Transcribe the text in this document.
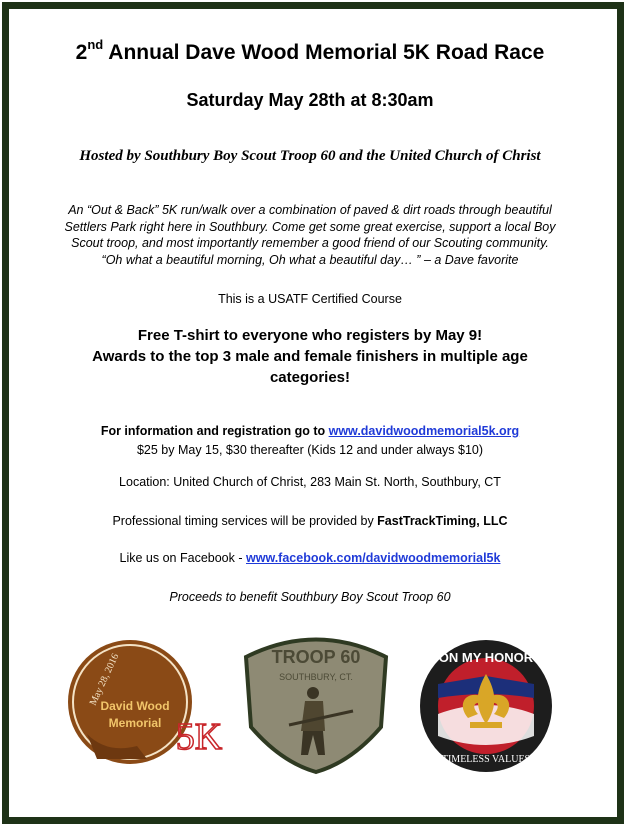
2nd Annual Dave Wood Memorial 5K Road Race
Saturday May 28th at 8:30am
Hosted by Southbury Boy Scout Troop 60 and the United Church of Christ
An “Out & Back” 5K run/walk over a combination of paved & dirt roads through beautiful
Settlers Park right here in Southbury. Come get some great exercise, support a local Boy
Scout troop, and most importantly remember a good friend of our Scouting community.
“Oh what a beautiful morning, Oh what a beautiful day… ” – a Dave favorite
This is a USATF Certified Course
Free T-shirt to everyone who registers by May 9!
Awards to the top 3 male and female finishers in multiple age
categories!
For information and registration go to www.davidwoodmemorial5k.org
$25 by May 15, $30 thereafter (Kids 12 and under always $10)
Location: United Church of Christ, 283 Main St. North, Southbury, CT
Professional timing services will be provided by FastTrackTiming, LLC
Like us on Facebook - www.facebook.com/davidwoodmemorial5k
Proceeds to benefit Southbury Boy Scout Troop 60
May 28, 2016
David Wood
Memorial 5K
TROOP 60
SOUTHBURY, CT.
ON MY HONOR
TIMELESS VALUES
